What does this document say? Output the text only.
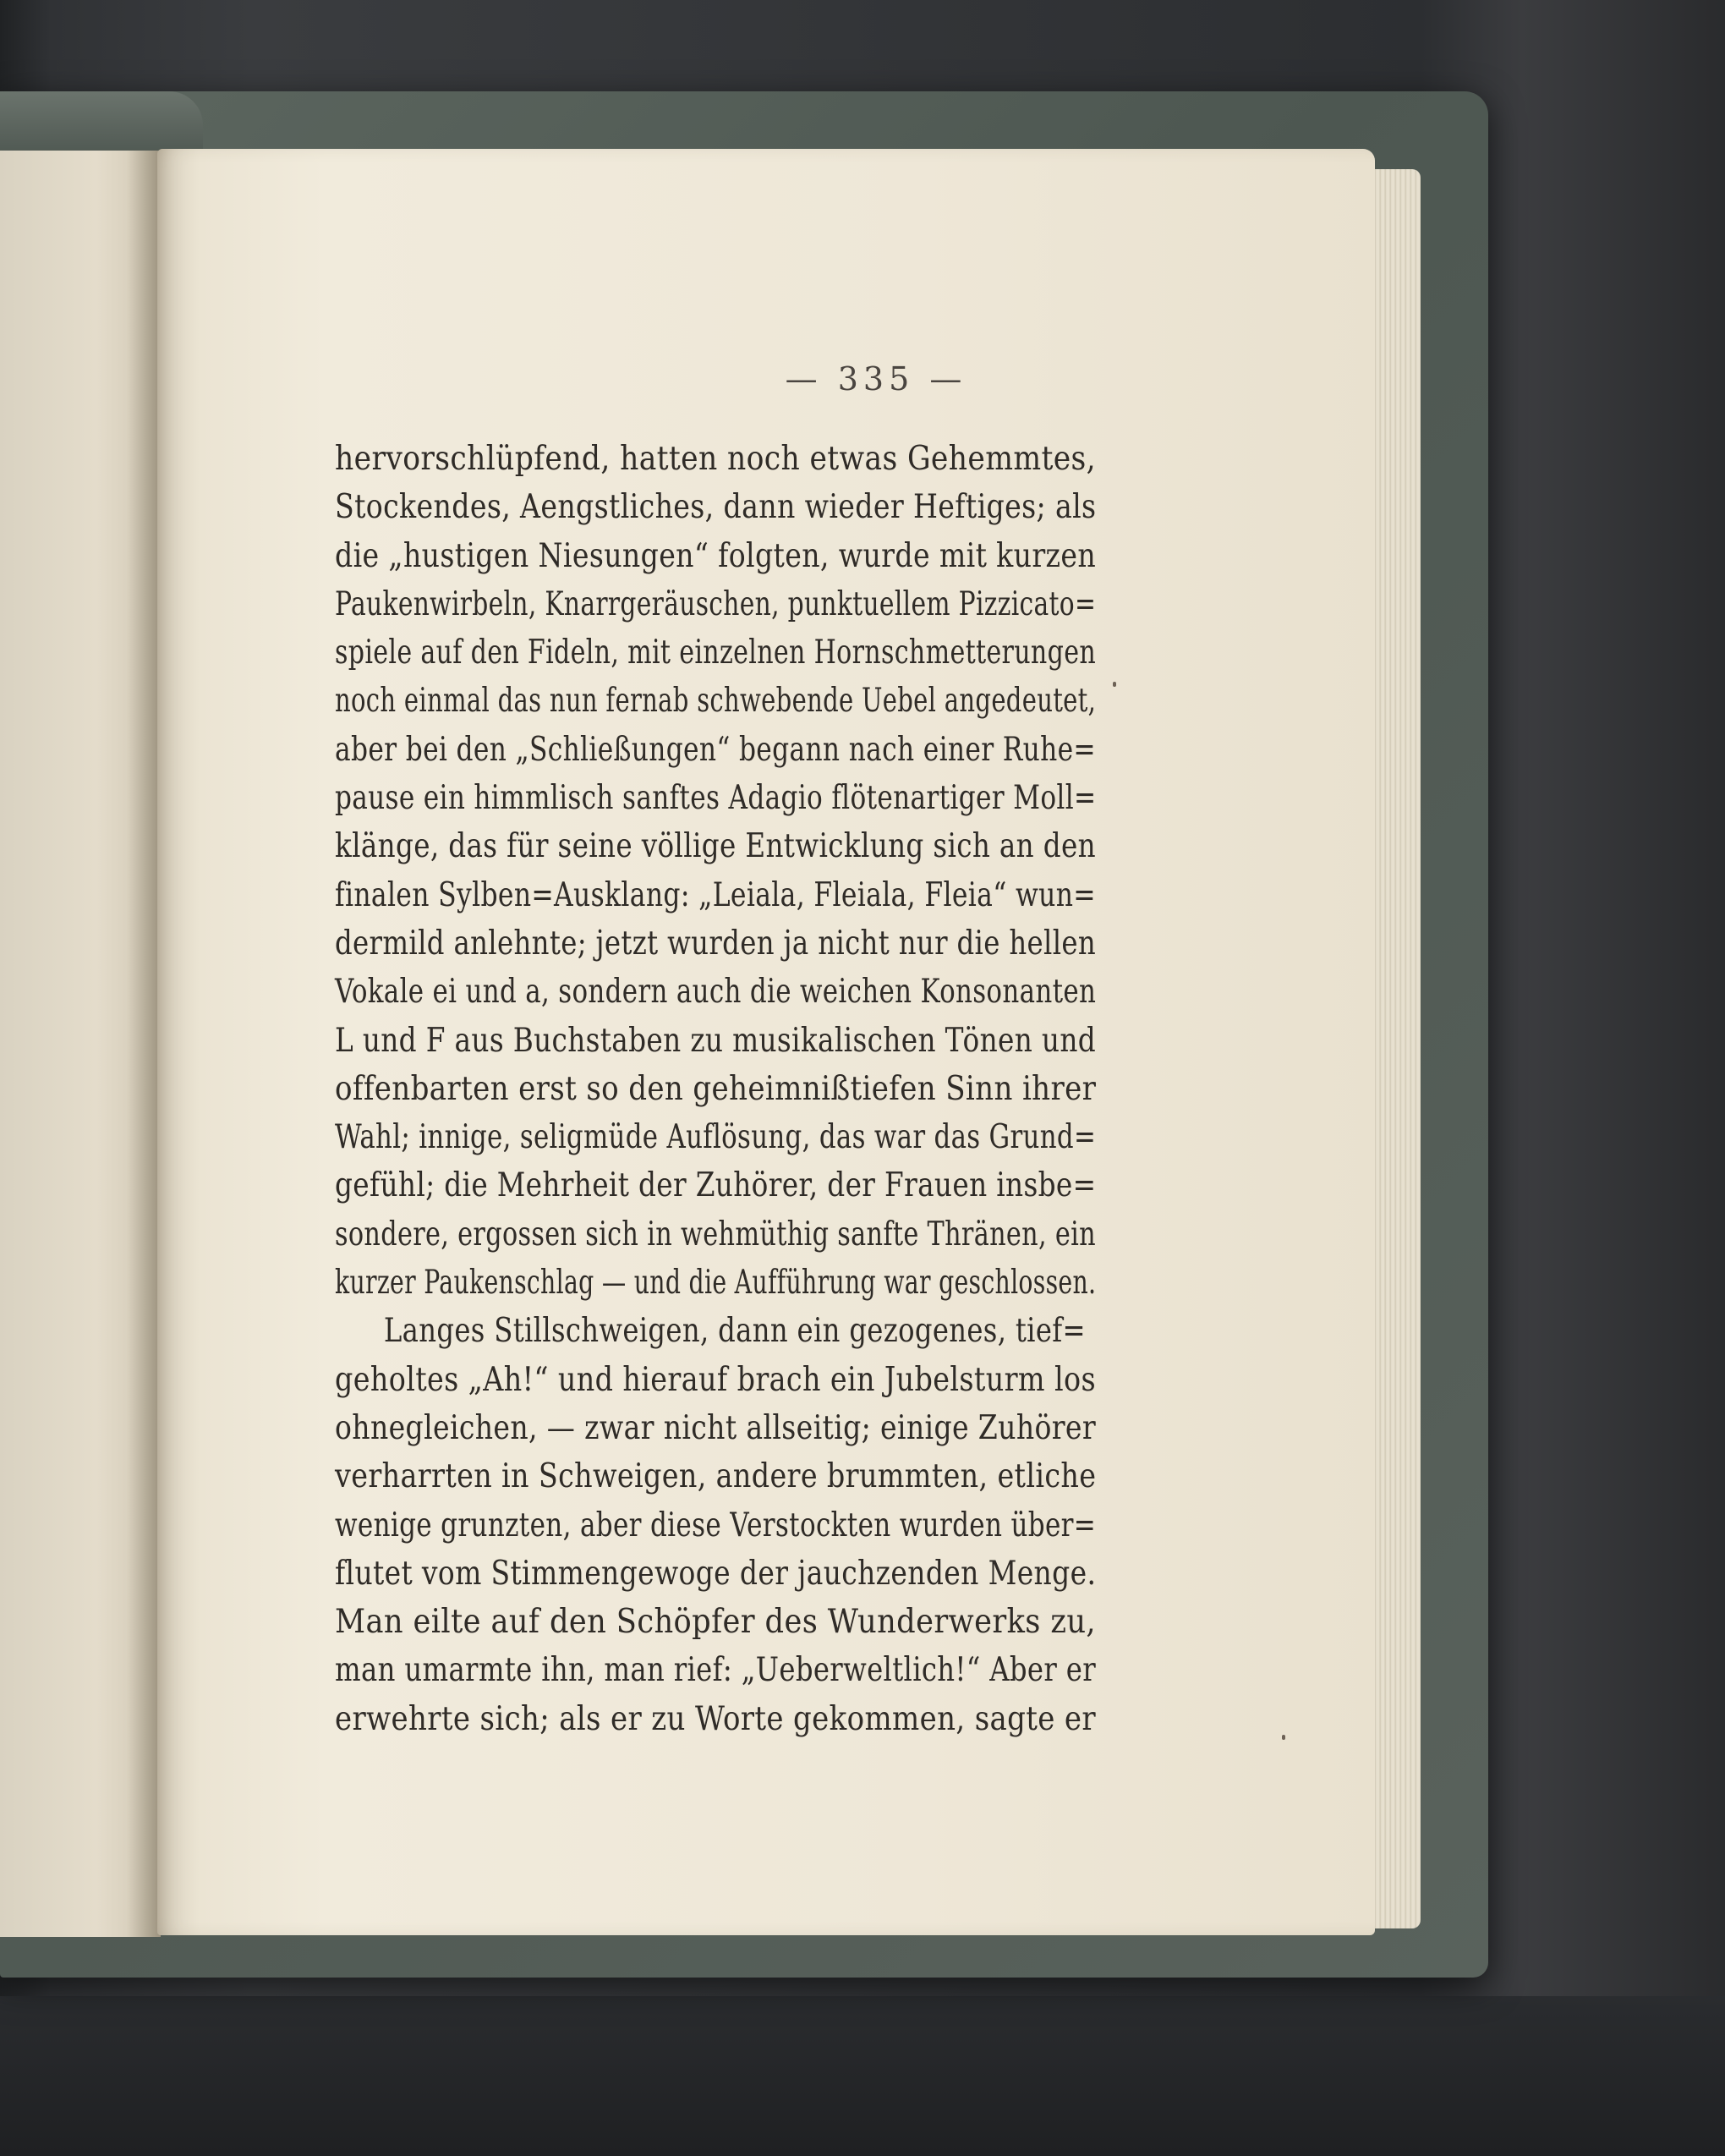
— 335 —
hervorschlüpfend, hatten noch etwas Gehemmtes,
Stockendes, Aengstliches, dann wieder Heftiges; als
die „hustigen Niesungen“ folgten, wurde mit kurzen
Paukenwirbeln, Knarrgeräuschen, punktuellem Pizzicato=
spiele auf den Fideln, mit einzelnen Hornschmetterungen
noch einmal das nun fernab schwebende Uebel angedeutet,
aber bei den „Schließungen“ begann nach einer Ruhe=
pause ein himmlisch sanftes Adagio flötenartiger Moll=
klänge, das für seine völlige Entwicklung sich an den
finalen Sylben=Ausklang: „Leiala, Fleiala, Fleia“ wun=
dermild anlehnte; jetzt wurden ja nicht nur die hellen
Vokale ei und a, sondern auch die weichen Konsonanten
L und F aus Buchstaben zu musikalischen Tönen und
offenbarten erst so den geheimnißtiefen Sinn ihrer
Wahl; innige, seligmüde Auflösung, das war das Grund=
gefühl; die Mehrheit der Zuhörer, der Frauen insbe=
sondere, ergossen sich in wehmüthig sanfte Thränen, ein
kurzer Paukenschlag — und die Aufführung war geschlossen.
Langes Stillschweigen, dann ein gezogenes, tief=
geholtes „Ah!“ und hierauf brach ein Jubelsturm los
ohnegleichen, — zwar nicht allseitig; einige Zuhörer
verharrten in Schweigen, andere brummten, etliche
wenige grunzten, aber diese Verstockten wurden über=
flutet vom Stimmengewoge der jauchzenden Menge.
Man eilte auf den Schöpfer des Wunderwerks zu,
man umarmte ihn, man rief: „Ueberweltlich!“ Aber er
erwehrte sich; als er zu Worte gekommen, sagte er
